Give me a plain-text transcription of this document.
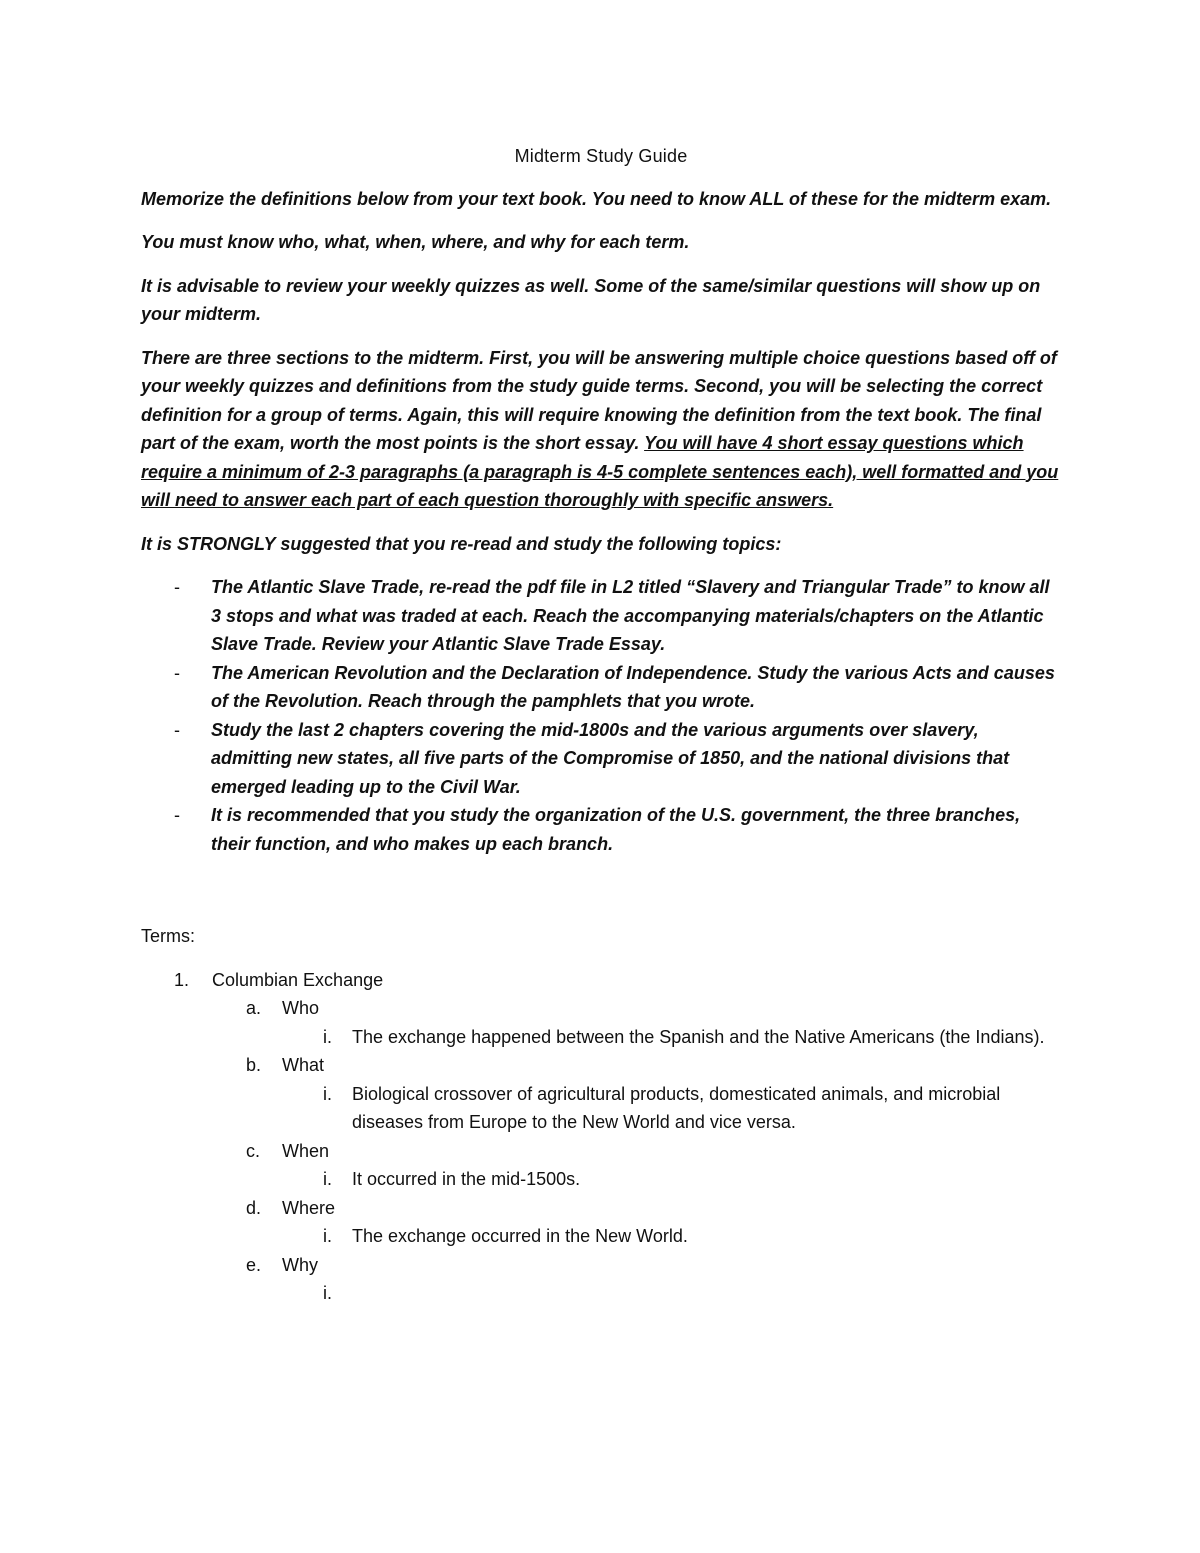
Midterm Study Guide

Memorize the definitions below from your text book. You need to know ALL of these for the midterm exam.

You must know who, what, when, where, and why for each term.

It is advisable to review your weekly quizzes as well. Some of the same/similar questions will show up on your midterm.

There are three sections to the midterm. First, you will be answering multiple choice questions based off of your weekly quizzes and definitions from the study guide terms. Second, you will be selecting the correct definition for a group of terms. Again, this will require knowing the definition from the text book. The final part of the exam, worth the most points is the short essay. You will have 4 short essay questions which require a minimum of 2-3 paragraphs (a paragraph is 4-5 complete sentences each), well formatted and you will need to answer each part of each question thoroughly with specific answers.

It is STRONGLY suggested that you re-read and study the following topics:

- The Atlantic Slave Trade, re-read the pdf file in L2 titled “Slavery and Triangular Trade” to know all 3 stops and what was traded at each. Reach the accompanying materials/chapters on the Atlantic Slave Trade. Review your Atlantic Slave Trade Essay.
- The American Revolution and the Declaration of Independence. Study the various Acts and causes of the Revolution. Reach through the pamphlets that you wrote.
- Study the last 2 chapters covering the mid-1800s and the various arguments over slavery, admitting new states, all five parts of the Compromise of 1850, and the national divisions that emerged leading up to the Civil War.
- It is recommended that you study the organization of the U.S. government, the three branches, their function, and who makes up each branch.
Terms:
1. Columbian Exchange
a. Who
i. The exchange happened between the Spanish and the Native Americans (the Indians).
b. What
i. Biological crossover of agricultural products, domesticated animals, and microbial diseases from Europe to the New World and vice versa.
c. When
i. It occurred in the mid-1500s.
d. Where
i. The exchange occurred in the New World.
e. Why
i.
